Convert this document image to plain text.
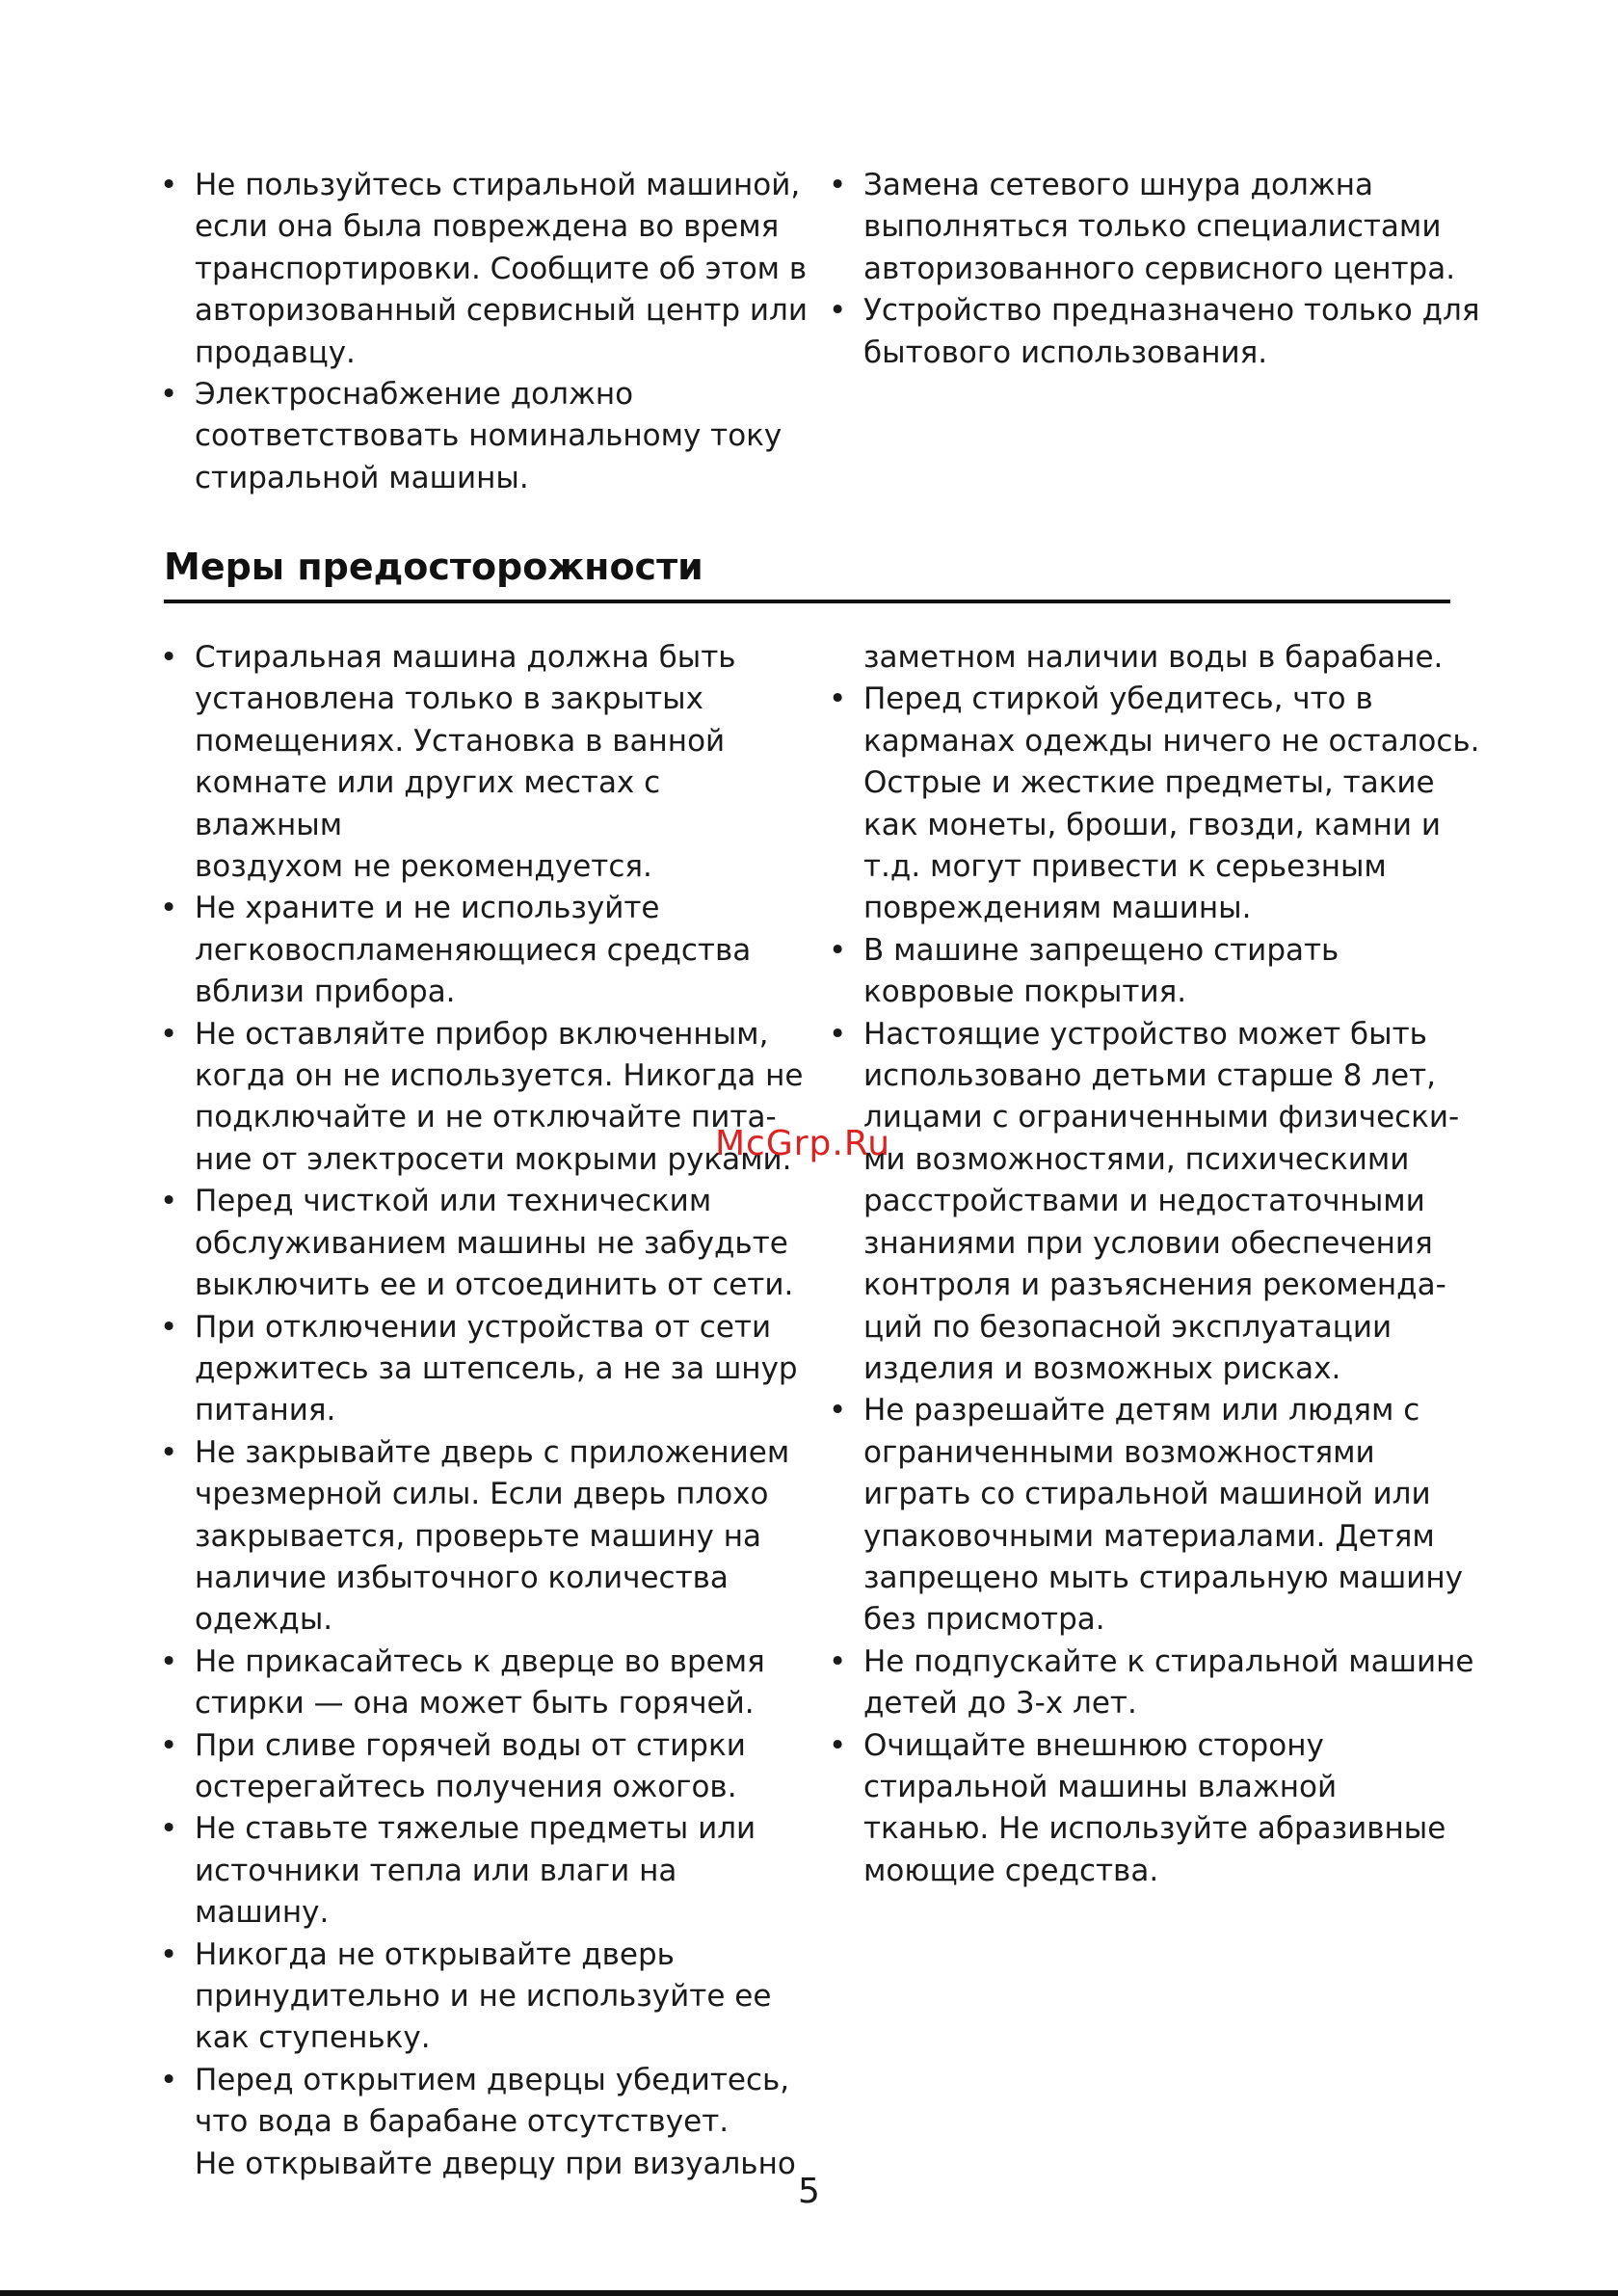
• Не пользуйтесь стиральной машиной,
если она была повреждена во время
транспортировки. Сообщите об этом в
авторизованный сервисный центр или
продавцу.
• Электроснабжение должно
соответствовать номинальному току
стиральной машины.
• Замена сетевого шнура должна
выполняться только специалистами
авторизованного сервисного центра.
• Устройство предназначено только для
бытового использования.
Меры предосторожности
• Стиральная машина должна быть
установлена только в закрытых
помещениях. Установка в ванной
комнате или других местах с влажным
воздухом не рекомендуется.
• Не храните и не используйте
легковоспламеняющиеся средства
вблизи прибора.
• Не оставляйте прибор включенным,
когда он не используется. Никогда не
подключайте и не отключайте пита-
ние от электросети мокрыми руками.
• Перед чисткой или техническим
обслуживанием машины не забудьте
выключить ее и отсоединить от сети.
• При отключении устройства от сети
держитесь за штепсель, а не за шнур
питания.
• Не закрывайте дверь с приложением
чрезмерной силы. Если дверь плохо
закрывается, проверьте машину на
наличие избыточного количества
одежды.
• Не прикасайтесь к дверце во время
стирки — она может быть горячей.
• При сливе горячей воды от стирки
остерегайтесь получения ожогов.
• Не ставьте тяжелые предметы или
источники тепла или влаги на
машину.
• Никогда не открывайте дверь
принудительно и не используйте ее
как ступеньку.
• Перед открытием дверцы убедитесь,
что вода в барабане отсутствует.
Не открывайте дверцу при визуально
заметном наличии воды в барабане.
• Перед стиркой убедитесь, что в
карманах одежды ничего не осталось.
Острые и жесткие предметы, такие
как монеты, броши, гвозди, камни и
т.д. могут привести к серьезным
повреждениям машины.
• В машине запрещено стирать
ковровые покрытия.
• Настоящие устройство может быть
использовано детьми старше 8 лет,
лицами с ограниченными физически-
ми возможностями, психическими
расстройствами и недостаточными
знаниями при условии обеспечения
контроля и разъяснения рекоменда-
ций по безопасной эксплуатации
изделия и возможных рисках.
• Не разрешайте детям или людям с
ограниченными возможностями
играть со стиральной машиной или
упаковочными материалами. Детям
запрещено мыть стиральную машину
без присмотра.
• Не подпускайте к стиральной машине
детей до 3-х лет.
• Очищайте внешнюю сторону
стиральной машины влажной
тканью. Не используйте абразивные
моющие средства.
McGrp.Ru
5
